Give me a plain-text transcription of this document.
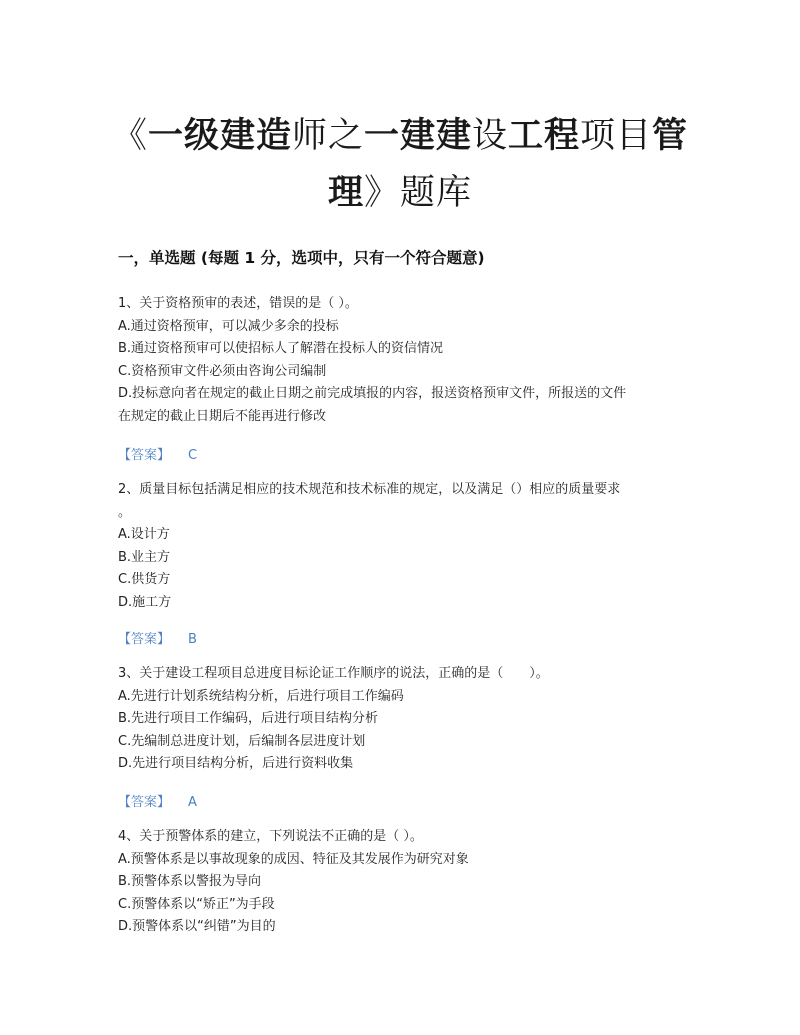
《一级建造师之一建建设工程项目管
理》题库
一，单选题 (每题 1 分，选项中，只有一个符合题意)

1、关于资格预审的表述，错误的是（ ）。

A.通过资格预审，可以减少多余的投标

B.通过资格预审可以使招标人了解潜在投标人的资信情况

C.资格预审文件必须由咨询公司编制

D.投标意向者在规定的截止日期之前完成填报的内容，报送资格预审文件，所报送的文件

在规定的截止日期后不能再进行修改

【答案】 C

2、质量目标包括满足相应的技术规范和技术标准的规定，以及满足（）相应的质量要求

。

A.设计方

B.业主方

C.供货方

D.施工方

【答案】 B

3、关于建设工程项目总进度目标论证工作顺序的说法，正确的是（　　）。

A.先进行计划系统结构分析，后进行项目工作编码

B.先进行项目工作编码，后进行项目结构分析

C.先编制总进度计划，后编制各层进度计划

D.先进行项目结构分析，后进行资料收集

【答案】 A

4、关于预警体系的建立，下列说法不正确的是（ ）。

A.预警体系是以事故现象的成因、特征及其发展作为研究对象

B.预警体系以警报为导向

C.预警体系以“矫正”为手段

D.预警体系以“纠错”为目的
